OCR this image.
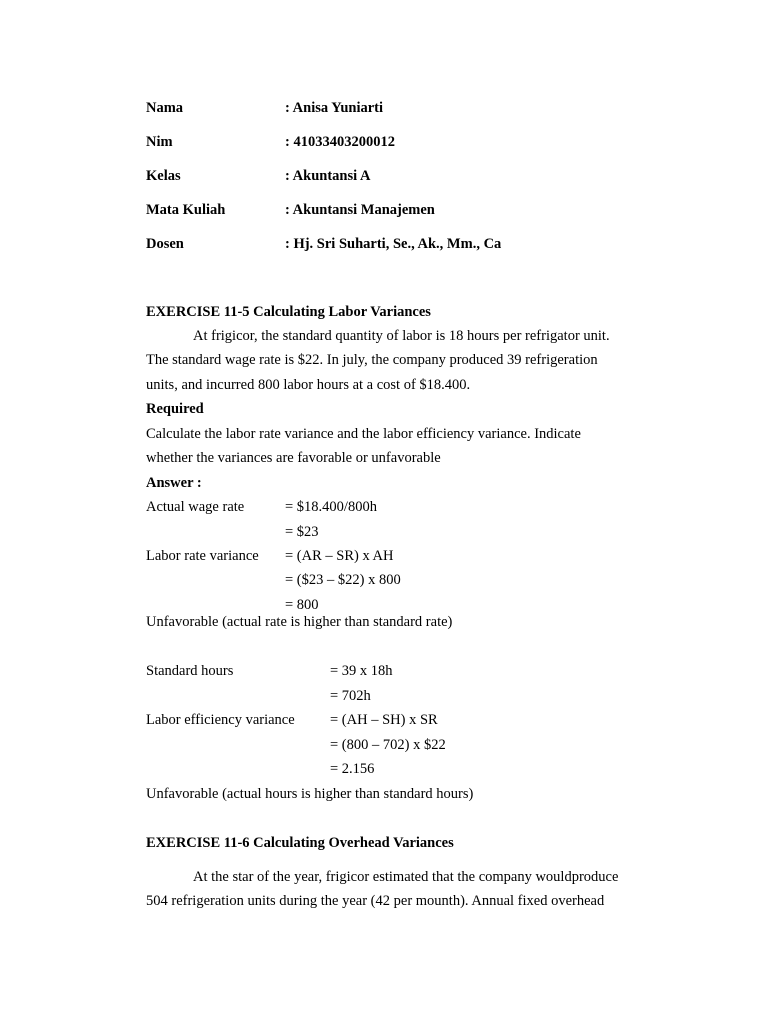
Nama	: Anisa Yuniarti
Nim	: 41033403200012
Kelas	: Akuntansi A
Mata Kuliah	: Akuntansi Manajemen
Dosen	: Hj. Sri Suharti, Se., Ak., Mm., Ca
EXERCISE 11-5 Calculating Labor Variances
At frigicor, the standard quantity of labor is 18 hours per refrigator unit.
The standard wage rate is $22. In july, the company produced 39 refrigeration
units, and incurred 800 labor hours at a cost of $18.400.
Required
Calculate the labor rate variance and the labor efficiency variance. Indicate
whether the variances are favorable or unfavorable
Answer :
Actual wage rate	= $18.400/800h
= $23
Labor rate variance = (AR – SR) x AH
= ($23 – $22) x 800
= 800
Unfavorable (actual rate is higher than standard rate)
Standard hours	= 39 x 18h
= 702h
Labor efficiency variance = (AH – SH) x SR
= (800 – 702) x $22
= 2.156
Unfavorable (actual hours is higher than standard hours)
EXERCISE 11-6 Calculating Overhead Variances
At the star of the year, frigicor estimated that the company wouldproduce
504 refrigeration units during the year (42 per mounth). Annual fixed overhead
